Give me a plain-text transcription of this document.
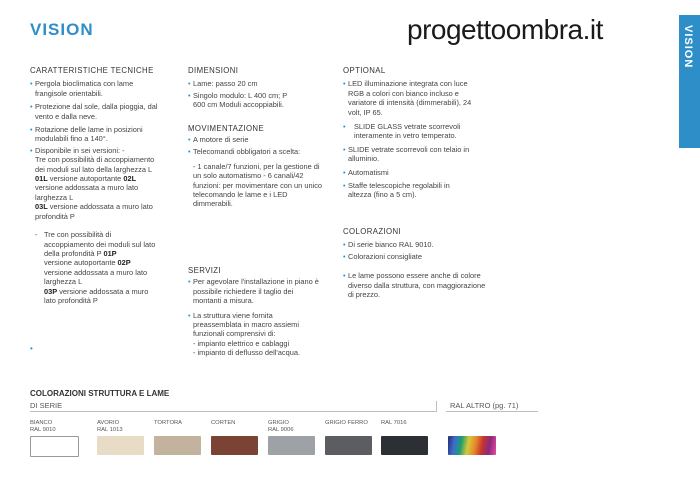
VISION	progettoombra.it	VISION
CARATTERISTICHE TECNICHE
• Pergola bioclimatica con lame frangisole orientabili.
• Protezione dal sole, dalla pioggia, dal vento e dalla neve.
• Rotazione delle lame in posizioni modulabili fino a 140°.
• Disponibile in sei versioni: -
Tre con possibilità di accoppiamento dei moduli sul lato della larghezza L
01L versione autoportante 02L
versione addossata a muro lato larghezza L
03L versione addossata a muro lato profondità P
- Tre con possibilità di accoppiamento dei moduli sul lato della profondità P 01P
versione autoportante 02P
versione addossata a muro lato larghezza L
03P versione addossata a muro lato profondità P
•
DIMENSIONI
• Lame: passo 20 cm
• Singolo modulo: L 400 cm; P 600 cm Moduli accoppiabili.
MOVIMENTAZIONE
• A motore di serie
• Telecomandi obbligatori a scelta:
- 1 canale/7 funzioni, per la gestione di un solo automatismo - 6 canali/42 funzioni: per movimentare con un unico telecomando le lame e i LED dimmerabili.
SERVIZI
• Per agevolare l'installazione in piano è possibile richiedere il taglio dei montanti a misura.
• La struttura viene fornita preassemblata in macro assiemi funzionali comprensivi di:
- impianto elettrico e cablaggi
- impianto di deflusso dell'acqua.
OPTIONAL
• LED illuminazione integrata con luce RGB a colori con bianco incluso e variatore di intensità (dimmerabili), 24 volt, IP 65.
• SLIDE GLASS vetrate scorrevoli interamente in vetro temperato.
• SLIDE vetrate scorrevoli con telaio in alluminio.
• Automatismi
• Staffe telescopiche regolabili in altezza (fino a 5 cm).
COLORAZIONI
• Di serie bianco RAL 9010.
• Colorazioni consigliate
• Le lame possono essere anche di colore diverso dalla struttura, con maggiorazione di prezzo.
COLORAZIONI STRUTTURA E LAME
DI SERIE	RAL ALTRO (pg. 71)
BIANCO
RAL 9010
AVORIO
RAL 1013
TORTORA	CORTEN	GRIGIO
RAL 9006
GRIGIO FERRO RAL 7016
